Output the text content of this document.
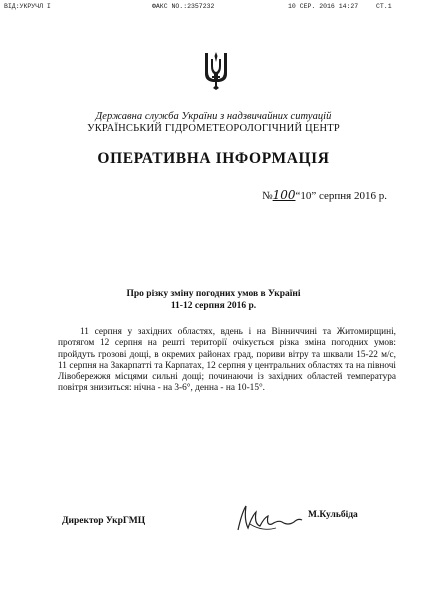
ВІД:УКРУЧЛ I	ФАКС NO.:2357232	10 СЕР. 2016 14:27	СТ.1
Державна служба України з надзвичайних ситуацій
УКРАЇНСЬКИЙ ГІДРОМЕТЕОРОЛОГІЧНИЙ ЦЕНТР
ОПЕРАТИВНА ІНФОРМАЦІЯ
№100“10” серпня 2016 р.
Про різку зміну погодних умов в Україні
11-12 серпня 2016 р.

11 серпня у західних областях, вдень і на Вінниччині та Житомирщині, протягом 12 серпня на решті території очікується різка зміна погодних умов: пройдуть грозові дощі, в окремих районах град, пориви вітру та шквали 15-22 м/с, 11 серпня на Закарпатті та Карпатах, 12 серпня у центральних областях та на півночі Лівобережжя місцями сильні дощі; починаючи із західних областей температура повітря знизиться: нічна - на 3-6°, денна - на 10-15°.

Директор УкрГМЦ
М.Кульбіда
